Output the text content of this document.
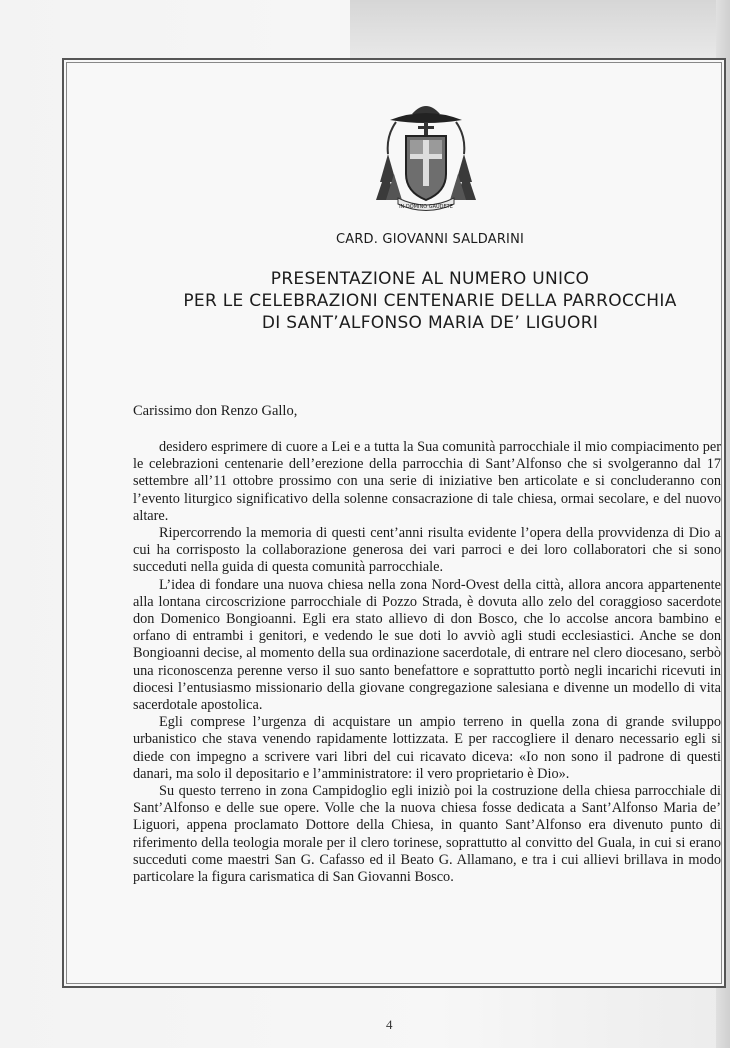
IN DOMINO GAUDETE
CARD. GIOVANNI SALDARINI
PRESENTAZIONE AL NUMERO UNICO
PER LE CELEBRAZIONI CENTENARIE DELLA PARROCCHIA
DI SANT’ALFONSO MARIA DE’ LIGUORI
Carissimo don Renzo Gallo,

desidero esprimere di cuore a Lei e a tutta la Sua comunità parrocchiale il mio compiacimento per le celebrazioni centenarie dell’erezione della parrocchia di Sant’Alfonso che si svolgeranno dal 17 settembre all’11 ottobre prossimo con una serie di iniziative ben articolate e si concluderanno con l’evento liturgico significativo della solenne consacrazione di tale chiesa, ormai secolare, e del nuovo altare.

Ripercorrendo la memoria di questi cent’anni risulta evidente l’opera della provvidenza di Dio a cui ha corrisposto la collaborazione generosa dei vari parroci e dei loro collaboratori che si sono succeduti nella guida di questa comunità parrocchiale.

L’idea di fondare una nuova chiesa nella zona Nord-Ovest della città, allora ancora appartenente alla lontana circoscrizione parrocchiale di Pozzo Strada, è dovuta allo zelo del coraggioso sacerdote don Domenico Bongioanni. Egli era stato allievo di don Bosco, che lo accolse ancora bambino e orfano di entrambi i genitori, e vedendo le sue doti lo avviò agli studi ecclesiastici. Anche se don Bongioanni decise, al momento della sua ordinazione sacerdotale, di entrare nel clero diocesano, serbò una riconoscenza perenne verso il suo santo benefattore e soprattutto portò negli incarichi ricevuti in diocesi l’entusiasmo missionario della giovane congregazione salesiana e divenne un modello di vita sacerdotale apostolica.

Egli comprese l’urgenza di acquistare un ampio terreno in quella zona di grande sviluppo urbanistico che stava venendo rapidamente lottizzata. E per raccogliere il denaro necessario egli si diede con impegno a scrivere vari libri del cui ricavato diceva: «Io non sono il padrone di questi danari, ma solo il depositario e l’amministratore: il vero proprietario è Dio».

Su questo terreno in zona Campidoglio egli iniziò poi la costruzione della chiesa parrocchiale di Sant’Alfonso e delle sue opere. Volle che la nuova chiesa fosse dedicata a Sant’Alfonso Maria de’ Liguori, appena proclamato Dottore della Chiesa, in quanto Sant’Alfonso era divenuto punto di riferimento della teologia morale per il clero torinese, soprattutto al convitto del Guala, in cui si erano succeduti come maestri San G. Cafasso ed il Beato G. Allamano, e tra i cui allievi brillava in modo particolare la figura carismatica di San Giovanni Bosco.

4
